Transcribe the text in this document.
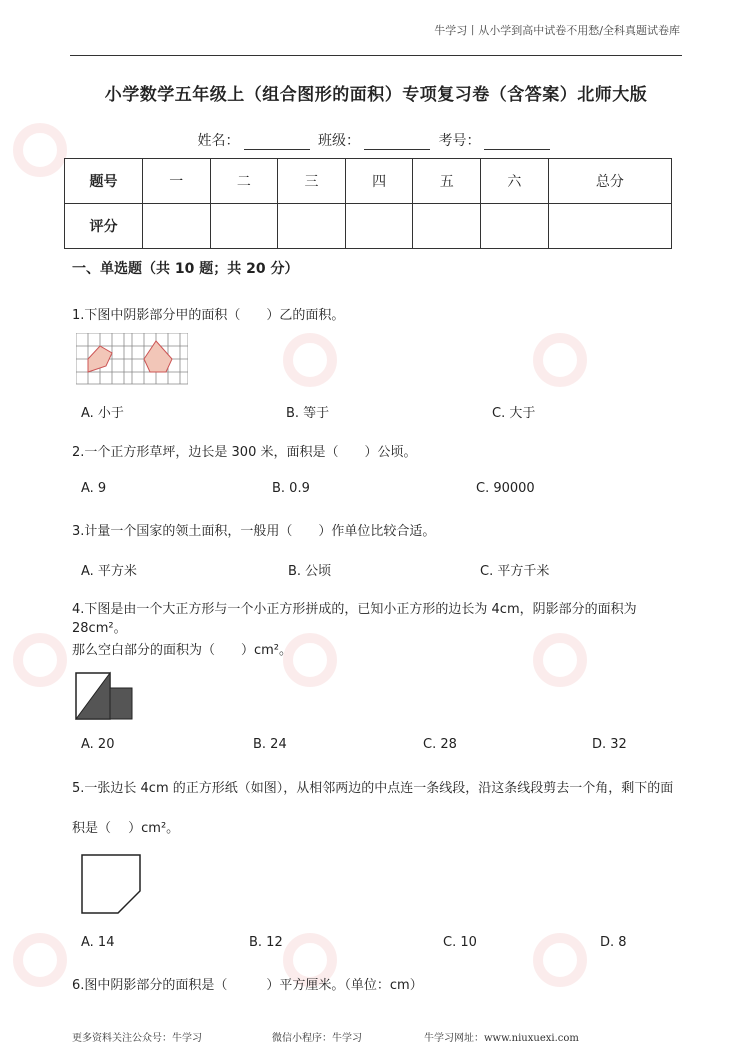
牛学习丨从小学到高中试卷不用愁/全科真题试卷库
小学数学五年级上（组合图形的面积）专项复习卷（含答案）北师大版
姓名：	班级：	考号：
题号	一	二	三	四	五	六	总分
评分							
一、单选题（共 10 题；共 20 分）
1.下图中阴影部分甲的面积（　　）乙的面积。
A. 小于	B. 等于	C. 大于
2.一个正方形草坪，边长是 300 米，面积是（　　）公顷。
A. 9	B. 0.9	C. 90000
3.计量一个国家的领土面积，一般用（　　）作单位比较合适。
A. 平方米	B. 公顷	C. 平方千米
4.下图是由一个大正方形与一个小正方形拼成的，已知小正方形的边长为 4cm，阴影部分的面积为 28cm²。
那么空白部分的面积为（　　）cm²。
A. 20	B. 24	C. 28	D. 32
5.一张边长 4cm 的正方形纸（如图），从相邻两边的中点连一条线段，沿这条线段剪去一个角，剩下的面
积是（　 ）cm²。
A. 14	B. 12	C. 10	D. 8
6.图中阴影部分的面积是（　　　）平方厘米。（单位：cm）
更多资料关注公众号：牛学习	微信小程序：牛学习	牛学习网址：www.niuxuexi.com
